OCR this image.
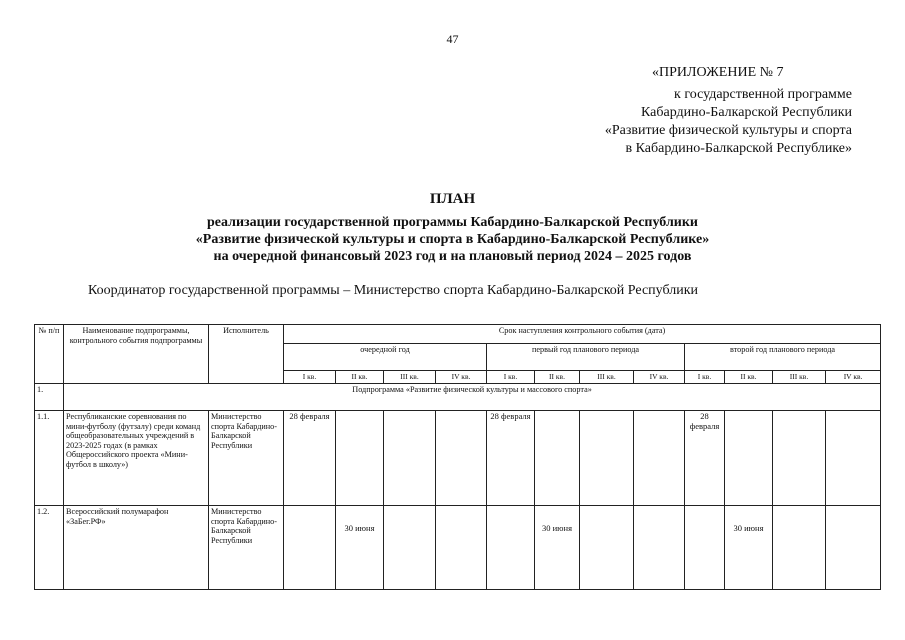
47
«ПРИЛОЖЕНИЕ № 7
к государственной программе
Кабардино-Балкарской Республики
«Развитие физической культуры и спорта
в Кабардино-Балкарской Республике»
ПЛАН
реализации государственной программы Кабардино-Балкарской Республики
«Развитие физической культуры и спорта в Кабардино-Балкарской Республике»
на очередной финансовый 2023 год и на плановый период 2024 – 2025 годов
Координатор государственной программы – Министерство спорта Кабардино-Балкарской Республики
№ п/п	Наименование подпрограммы, контрольного события подпрограммы	Исполнитель	Срок наступления контрольного события (дата)											
			очередной год				первый год планового периода				второй год планового периода			
			I кв.	II кв.	III кв.	IV кв.	I кв.	II кв.	III кв.	IV кв.	I кв.	II кв.	III кв.	IV кв.
1.	Подпрограмма «Развитие физической культуры и массового спорта»													
1.1.	Республиканские соревнования по мини-футболу (футзалу) среди команд общеобразовательных учреждений в 2023-2025 годах (в рамках Общероссийского проекта «Мини-футбол в школу»)	Министерство спорта Кабардино-Балкарской Республики	28 февраля				28 февраля				28 февраля			
1.2.	Всероссийский полумарафон «ЗаБег.РФ»	Министерство спорта Кабардино-Балкарской Республики		30 июня				30 июня				30 июня		
